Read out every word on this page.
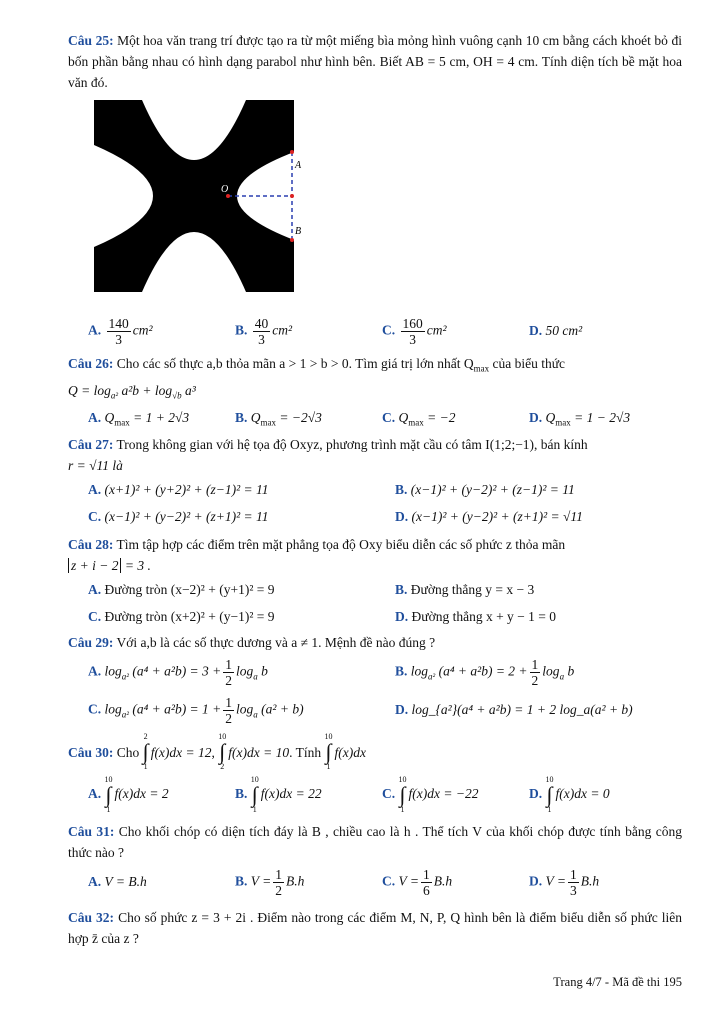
Câu 25: Một hoa văn trang trí được tạo ra từ một miếng bìa mỏng hình vuông cạnh 10 cm bằng cách khoét bỏ đi bốn phần bằng nhau có hình dạng parabol như hình bên. Biết AB = 5 cm, OH = 4 cm. Tính diện tích bề mặt hoa văn đó.

A. $\frac{140}{3} cm^2$	B. $\frac{40}{3} cm^2$	C. $\frac{160}{3} cm^2$	D. 50 cm²

Câu 26: Cho các số thực a,b thỏa mãn a > 1 > b > 0. Tìm giá trị lớn nhất $Q_{max}$ của biểu thức
$Q = \log_{a^2} a^2b + \log_{√b} a^3$

A. $Q_{max} = 1 + 2√3$	B. $Q_{max} = -2√3$	C. $Q_{max} = -2$	D. $Q_{max} = 1 - 2√3$

Câu 27: Trong không gian với hệ tọa độ Oxyz, phương trình mặt cầu có tâm I(1;2;−1), bán kính
r = √11 là

A. (x+1)² + (y+2)² + (z−1)² = 11	B. (x−1)² + (y−2)² + (z−1)² = 11
C. (x−1)² + (y−2)² + (z+1)² = 11	D. (x−1)² + (y−2)² + (z+1)² = √11

Câu 28: Tìm tập hợp các điểm trên mặt phẳng tọa độ Oxy biểu diễn các số phức z thỏa mãn
z + i − 2 = 3 .

A. Đường tròn (x−2)² + (y+1)² = 9	B. Đường thẳng y = x − 3
C. Đường tròn (x+2)² + (y−1)² = 9	D. Đường thẳng x + y − 1 = 0

Câu 29: Với a,b là các số thực dương và a ≠ 1. Mệnh đề nào đúng ?

A. $\log_{a^2} (a^4 + a^2b) = 3 + \frac{1}{2} \log_a b$	B. $\log_{a^2} (a^4 + a^2b) = 2 + \frac{1}{2} \log_a b$
C. $\log_{a^2} (a^4 + a^2b) = 1 + \frac{1}{2} \log_a (a^2 + b)$	D. log_{a²}(a⁴ + a²b) = 1 + 2 log_a(a² + b)
Câu 30:
Cho

2
∫
1
f(x)dx = 12 ,
10
∫
2
f(x)dx = 10 . Tính

10
∫
1
f(x)dx
A.
10
∫
1
f(x)dx = 2	B.
10
∫
1
f(x)dx = 22	C.
10
∫
1
f(x)dx = −22	D.
10
∫
1
f(x)dx = 0

Câu 31: Cho khối chóp có diện tích đáy là B , chiều cao là h . Thể tích V của khối chóp được tính bằng công thức nào ?

A. V = B.h	B. $V = \frac{1}{2} B.h$	C. $V = \frac{1}{6} B.h$	D. $V = \frac{1}{3} B.h$

Câu 32: Cho số phức z = 3 + 2i . Điểm nào trong các điểm M, N, P, Q hình bên là điểm biểu diễn số phức liên hợp z̄ của z ?

A
B
O	H
Trang 4/7 - Mã đề thi 195
